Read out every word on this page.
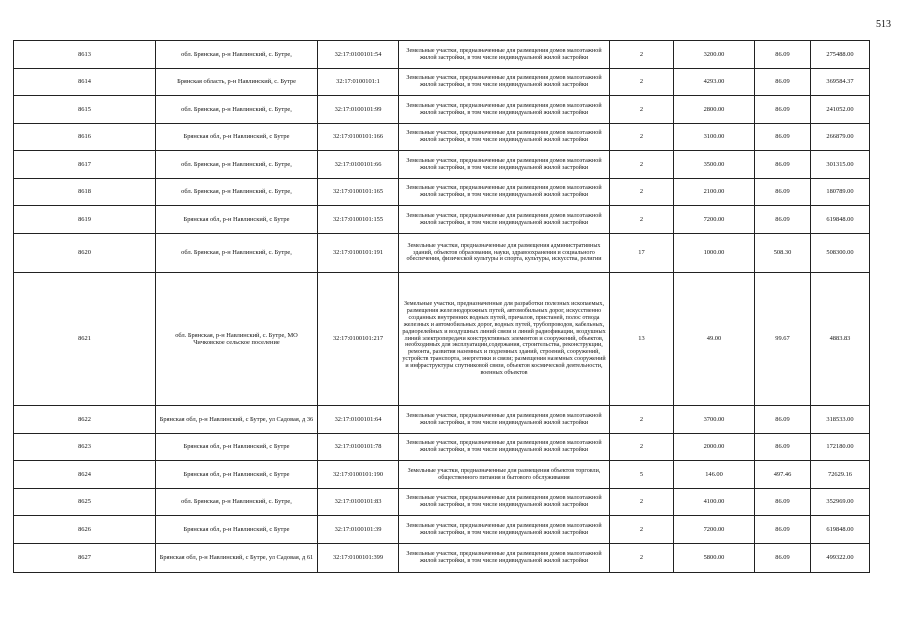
513
8613	обл. Брянская, р-н Навлинский, с. Бутре,	32:17:0100101:54	Земельные участки, предназначенные для размещения домов малоэтажной жилой застройки, в том числе индивидуальной жилой застройки	2	3200.00	86.09	275488.00
8614	Брянская область, р-н Навлинский, с. Бутре	32:17:0100101:1	Земельные участки, предназначенные для размещения домов малоэтажной жилой застройки, в том числе индивидуальной жилой застройки	2	4293.00	86.09	369584.37
8615	обл. Брянская, р-н Навлинский, с. Бутре,	32:17:0100101:99	Земельные участки, предназначенные для размещения домов малоэтажной жилой застройки, в том числе индивидуальной жилой застройки	2	2800.00	86.09	241052.00
8616	Брянская обл, р-н Навлинский, с Бутре	32:17:0100101:166	Земельные участки, предназначенные для размещения домов малоэтажной жилой застройки, в том числе индивидуальной жилой застройки	2	3100.00	86.09	266879.00
8617	обл. Брянская, р-н Навлинский, с. Бутре,	32:17:0100101:66	Земельные участки, предназначенные для размещения домов малоэтажной жилой застройки, в том числе индивидуальной жилой застройки	2	3500.00	86.09	301315.00
8618	обл. Брянская, р-н Навлинский, с. Бутре,	32:17:0100101:165	Земельные участки, предназначенные для размещения домов малоэтажной жилой застройки, в том числе индивидуальной жилой застройки	2	2100.00	86.09	180789.00
8619	Брянская обл, р-н Навлинский, с Бутре	32:17:0100101:155	Земельные участки, предназначенные для размещения домов малоэтажной жилой застройки, в том числе индивидуальной жилой застройки	2	7200.00	86.09	619848.00
8620	обл. Брянская, р-н Навлинский, с. Бутре,	32:17:0100101:191	Земельные участки, предназначенные для размещения административных зданий, объектов образования, науки, здравоохранения и социального обеспечения, физической культуры и спорта, культуры, искусства, религии	17	1000.00	508.30	508300.00
8621	обл. Брянская, р-н Навлинский, с. Бутре, МО Чичковское сельское поселение	32:17:0100101:217	Земельные участки, предназначенные для разработки полезных ископаемых, размещения железнодорожных путей, автомобильных дорог, искусственно созданных внутренних водных путей, причалов, пристаней, полос отвода железных и автомобильных дорог, водных путей, трубопроводов, кабельных, радиорелейных и воздушных линий связи и линий радиофикации, воздушных линий электропередачи конструктивных элементов и сооружений, объектов, необходимых для эксплуатации,содержания, строительства, реконструкции, ремонта, развития наземных и подземных зданий, строений, сооружений, устройств транспорта, энергетики и связи; размещения наземных сооружений и инфраструктуры спутниковой связи, объектов космической деятельности, военных объектов	13	49.00	99.67	4883.83
8622	Брянская обл, р-н Навлинский, с Бутре, ул Садовая, д 36	32:17:0100101:64	Земельные участки, предназначенные для размещения домов малоэтажной жилой застройки, в том числе индивидуальной жилой застройки	2	3700.00	86.09	318533.00
8623	Брянская обл, р-н Навлинский, с Бутре	32:17:0100101:78	Земельные участки, предназначенные для размещения домов малоэтажной жилой застройки, в том числе индивидуальной жилой застройки	2	2000.00	86.09	172180.00
8624	Брянская обл, р-н Навлинский, с Бутре	32:17:0100101:190	Земельные участки, предназначенные для размещения объектов торговли, общественного питания и бытового обслуживания	5	146.00	497.46	72629.16
8625	обл. Брянская, р-н Навлинский, с. Бутре,	32:17:0100101:83	Земельные участки, предназначенные для размещения домов малоэтажной жилой застройки, в том числе индивидуальной жилой застройки	2	4100.00	86.09	352969.00
8626	Брянская обл, р-н Навлинский, с Бутре	32:17:0100101:39	Земельные участки, предназначенные для размещения домов малоэтажной жилой застройки, в том числе индивидуальной жилой застройки	2	7200.00	86.09	619848.00
8627	Брянская обл, р-н Навлинский, с Бутре, ул Садовая, д 61	32:17:0100101:399	Земельные участки, предназначенные для размещения домов малоэтажной жилой застройки, в том числе индивидуальной жилой застройки	2	5800.00	86.09	499322.00
